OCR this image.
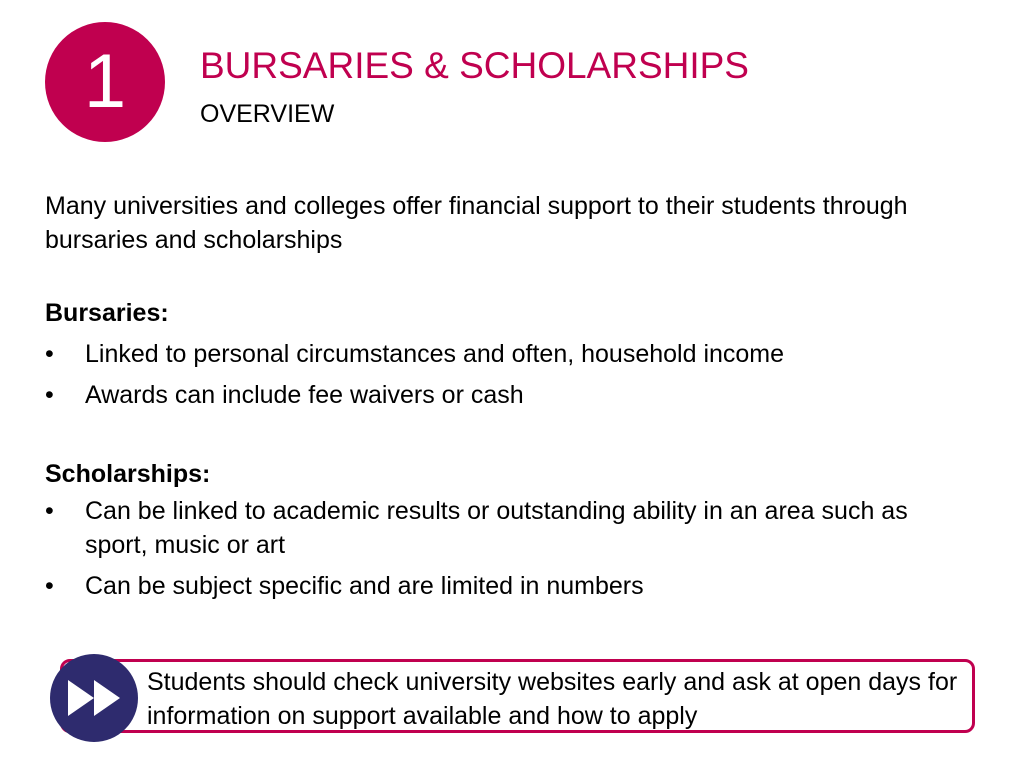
1 BURSARIES & SCHOLARSHIPS
OVERVIEW
Many universities and colleges offer financial support to their students through bursaries and scholarships
Bursaries:
• Linked to personal circumstances and often, household income
• Awards can include fee waivers or cash
Scholarships:
• Can be linked to academic results or outstanding ability in an area such as sport, music or art
• Can be subject specific and are limited in numbers
Students should check university websites early and ask at open days for information on support available and how to apply
